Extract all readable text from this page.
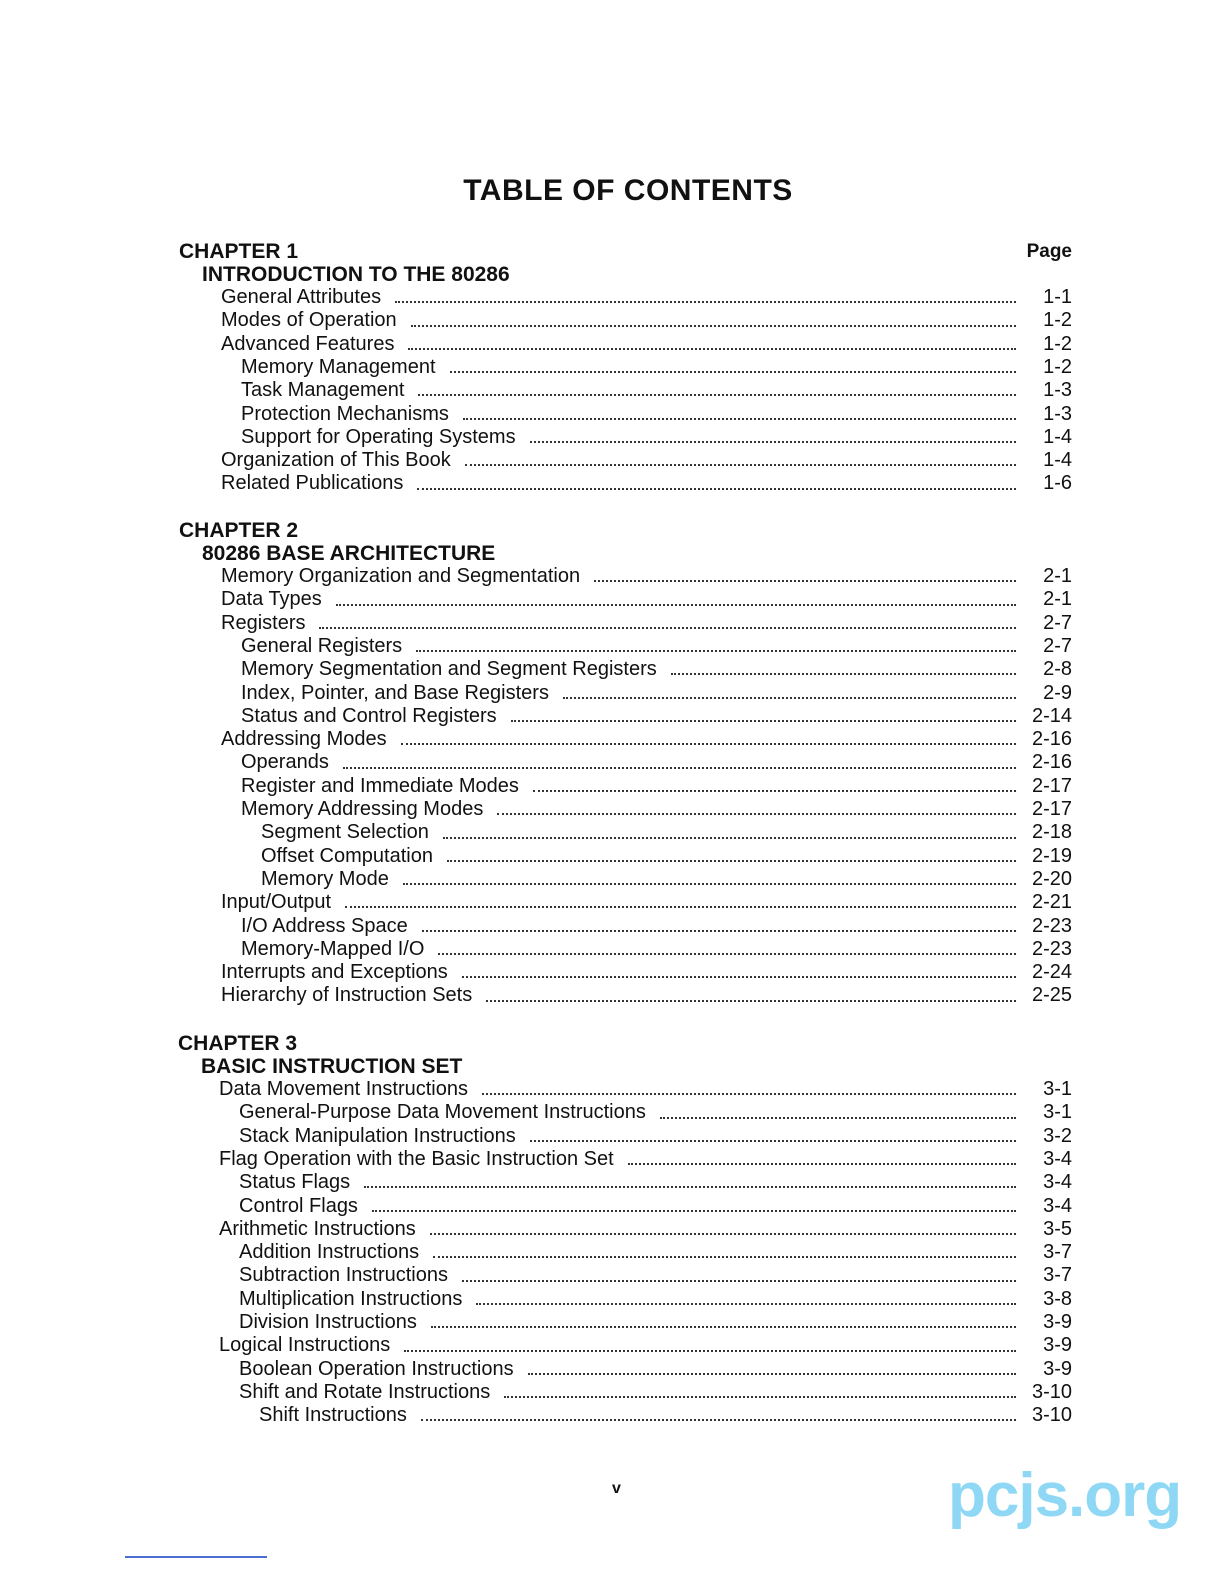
TABLE OF CONTENTS
Page
CHAPTER 1
INTRODUCTION TO THE 80286
General Attributes	1-1
Modes of Operation	1-2
Advanced Features	1-2
Memory Management	1-2
Task Management	1-3
Protection Mechanisms	1-3
Support for Operating Systems	1-4
Organization of This Book	1-4
Related Publications	1-6
CHAPTER 2
80286 BASE ARCHITECTURE
Memory Organization and Segmentation	2-1
Data Types	2-1
Registers	2-7
General Registers	2-7
Memory Segmentation and Segment Registers	2-8
Index, Pointer, and Base Registers	2-9
Status and Control Registers	2-14
Addressing Modes	2-16
Operands	2-16
Register and Immediate Modes	2-17
Memory Addressing Modes	2-17
Segment Selection	2-18
Offset Computation	2-19
Memory Mode	2-20
Input/Output	2-21
I/O Address Space	2-23
Memory-Mapped I/O	2-23
Interrupts and Exceptions	2-24
Hierarchy of Instruction Sets	2-25
CHAPTER 3
BASIC INSTRUCTION SET
Data Movement Instructions	3-1
General-Purpose Data Movement Instructions	3-1
Stack Manipulation Instructions	3-2
Flag Operation with the Basic Instruction Set	3-4
Status Flags	3-4
Control Flags	3-4
Arithmetic Instructions	3-5
Addition Instructions	3-7
Subtraction Instructions	3-7
Multiplication Instructions	3-8
Division Instructions	3-9
Logical Instructions	3-9
Boolean Operation Instructions	3-9
Shift and Rotate Instructions	3-10
Shift Instructions	3-10
v	pcjs.org
